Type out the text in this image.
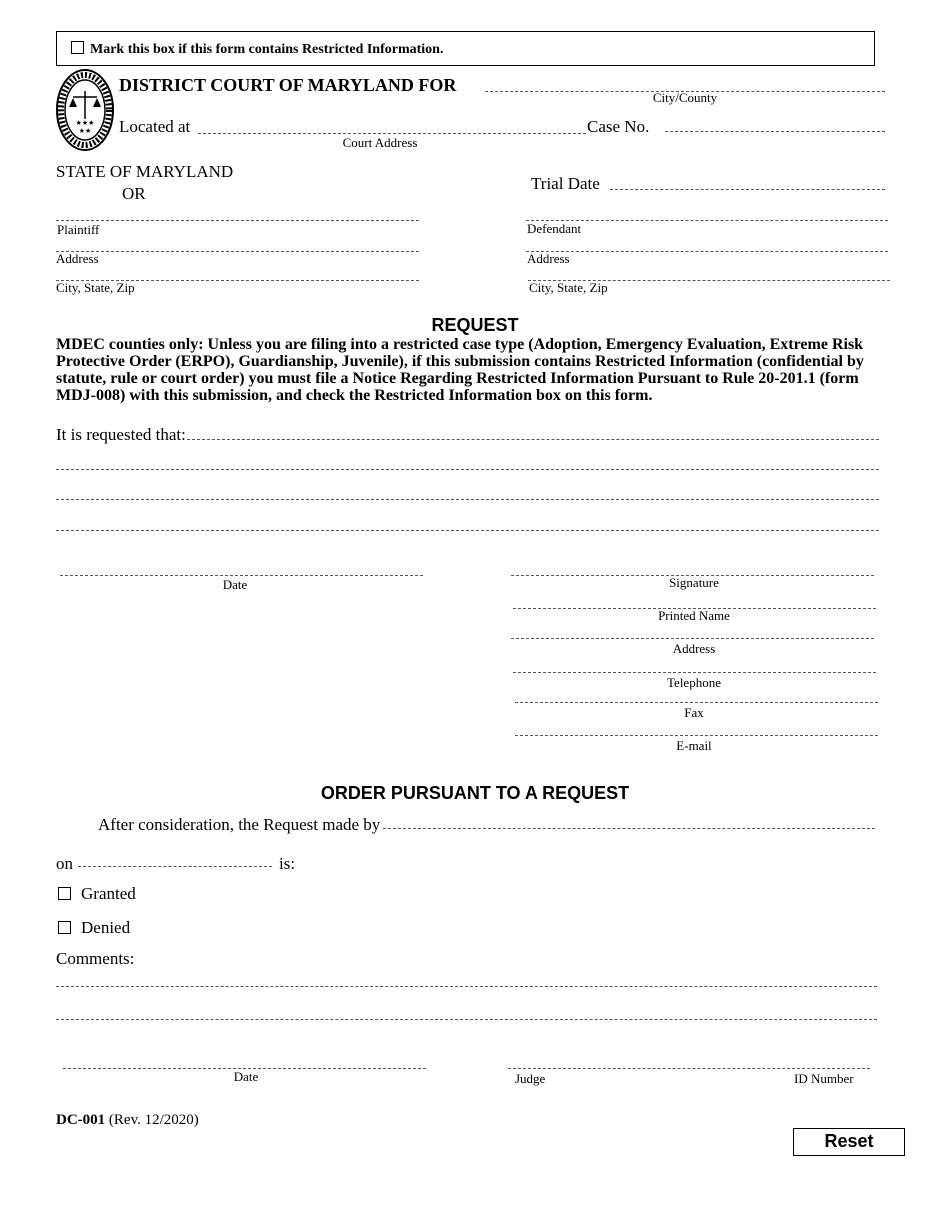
Mark this box if this form contains Restricted Information.
★★★
★★
DISTRICT COURT OF MARYLAND FOR
City/County
Located at
Court Address
Case No.
STATE OF MARYLAND
OR
Trial Date
Plaintiff
Address
City, State, Zip
Defendant
Address
City, State, Zip
REQUEST
MDEC counties only: Unless you are filing into a restricted case type (Adoption, Emergency Evaluation, Extreme Risk Protective Order (ERPO), Guardianship, Juvenile), if this submission contains Restricted Information (confidential by statute, rule or court order) you must file a Notice Regarding Restricted Information Pursuant to Rule 20-201.1 (form MDJ-008) with this submission, and check the Restricted Information box on this form.
It is requested that:
Date	Signature
Printed Name
Address
Telephone
Fax
E-mail
ORDER PURSUANT TO A REQUEST
After consideration, the Request made by
on	is:
Granted
Denied
Comments:
Date	Judge	ID Number
DC-001 (Rev. 12/2020)
Reset
